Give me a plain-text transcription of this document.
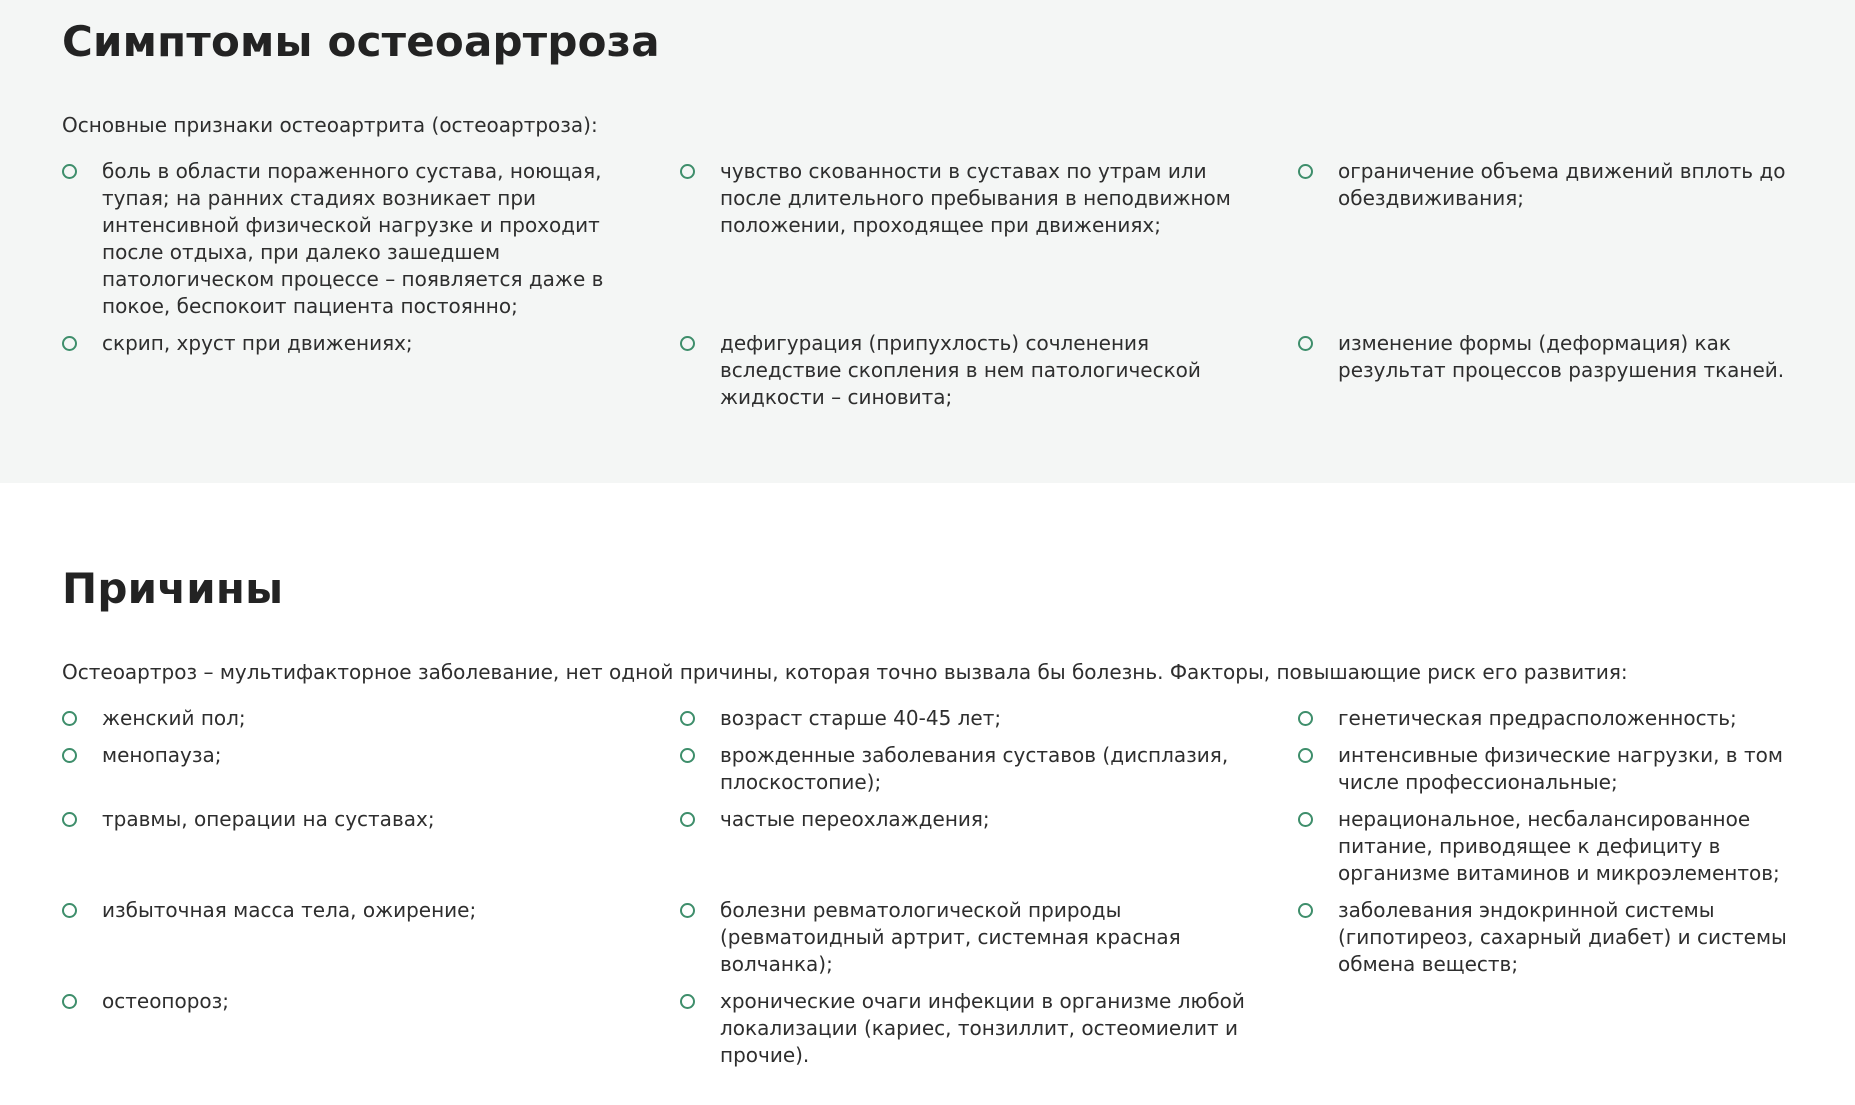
Симптомы остеоартроза

Основные признаки остеоартрита (остеоартроза):

боль в области пораженного сустава, ноющая, тупая; на ранних стадиях возникает при интенсивной физической нагрузке и проходит после отдыха, при далеко зашедшем патологическом процессе – появляется даже в покое, беспокоит пациента постоянно;
чувство скованности в суставах по утрам или после длительного пребывания в неподвижном положении, проходящее при движениях;
ограничение объема движений вплоть до обездвиживания;
скрип, хруст при движениях;	дефигурация (припухлость) сочленения вследствие скопления в нем патологической жидкости – синовита;
изменение формы (деформация) как результат процессов разрушения тканей.
Причины

Остеоартроз – мультифакторное заболевание, нет одной причины, которая точно вызвала бы болезнь. Факторы, повышающие риск его развития:

женский пол;	возраст старше 40-45 лет;	генетическая предрасположенность;
менопауза;	врожденные заболевания суставов (дисплазия, плоскостопие);
интенсивные физические нагрузки, в том числе профессиональные;
травмы, операции на суставах;	частые переохлаждения;	нерациональное, несбалансированное питание, приводящее к дефициту в организме витаминов и микроэлементов;
избыточная масса тела, ожирение;	болезни ревматологической природы (ревматоидный артрит, системная красная волчанка);
заболевания эндокринной системы (гипотиреоз, сахарный диабет) и системы обмена веществ;
остеопороз;	хронические очаги инфекции в организме любой локализации (кариес, тонзиллит, остеомиелит и прочие).
